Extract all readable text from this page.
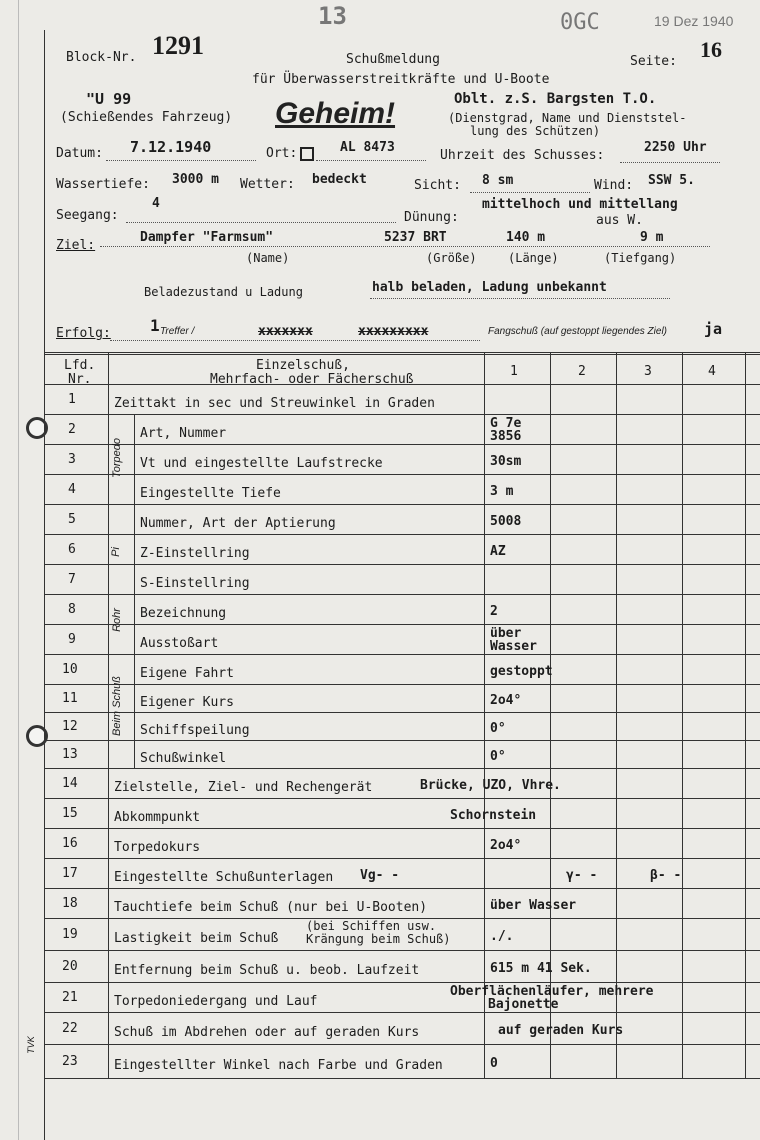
13	0GC	19 Dez 1940
Block-Nr. 1291	Schußmeldung	Seite: 16
für Überwasserstreitkräfte und U-Boote
"U 99
(Schießendes Fahrzeug) Geheim!	Oblt. z.S. Bargsten T.O.
(Dienstgrad, Name und Dienststel-
lung des Schützen)
Datum: 7.12.1940	Ort:	AL 8473
Uhrzeit des Schusses:
2250 Uhr
Wassertiefe: 3000 m Wetter: bedeckt	Sicht: 8 sm	Wind: SSW 5.
Seegang:
4
Dünung:
mittelhoch und mittellang
aus W.
Ziel:
Dampfer "Farmsum"	5237 BRT	140 m	9 m
(Name)	(Größe)	(Länge)	(Tiefgang)
Beladezustand u Ladung	halb beladen, Ladung unbekannt
Erfolg: 1 Treffer /	xxxxxxx	xxxxxxxxx	Fangschuß (auf gestoppt liegendes Ziel) ja
1	Zeittakt in sec und Streuwinkel in Graden
2	Art, Nummer
G 7e
3856
3	Vt und eingestellte Laufstrecke	30sm
4	Eingestellte Tiefe	3 m
5	Nummer, Art der Aptierung	5008
6	Z-Einstellring	AZ
7	S-Einstellring
8	Bezeichnung	2
9	Ausstoßart
über
Wasser
10	Eigene Fahrt	gestoppt
11	Eigener Kurs	2o4°
12	Schiffspeilung	0°
13	Schußwinkel	0°
14	Zielstelle, Ziel- und Rechengerät	Brücke, UZO, Vhre.
15	Abkommpunkt	Schornstein
16	Torpedokurs	2o4°
17	Eingestellte Schußunterlagen Vg- -	γ- -	β- -
18	Tauchtiefe beim Schuß (nur bei U-Booten)	über Wasser
19	Lastigkeit beim Schuß
(bei Schiffen usw.
Krängung beim Schuß)	./.
20	Entfernung beim Schuß u. beob. Laufzeit	615 m 41 Sek.
21	Torpedoniedergang und Lauf
Oberflächenläufer, mehrere
Bajonette
22	Schuß im Abdrehen oder auf geraden Kurs	auf geraden Kurs
23	Eingestellter Winkel nach Farbe und Graden	0
Lfd.
Nr.
Einzelschuß,
Mehrfach- oder Fächerschuß
1	2	3	4
Torpedo
Pi
Rohr
Beim Schuß
TVK
